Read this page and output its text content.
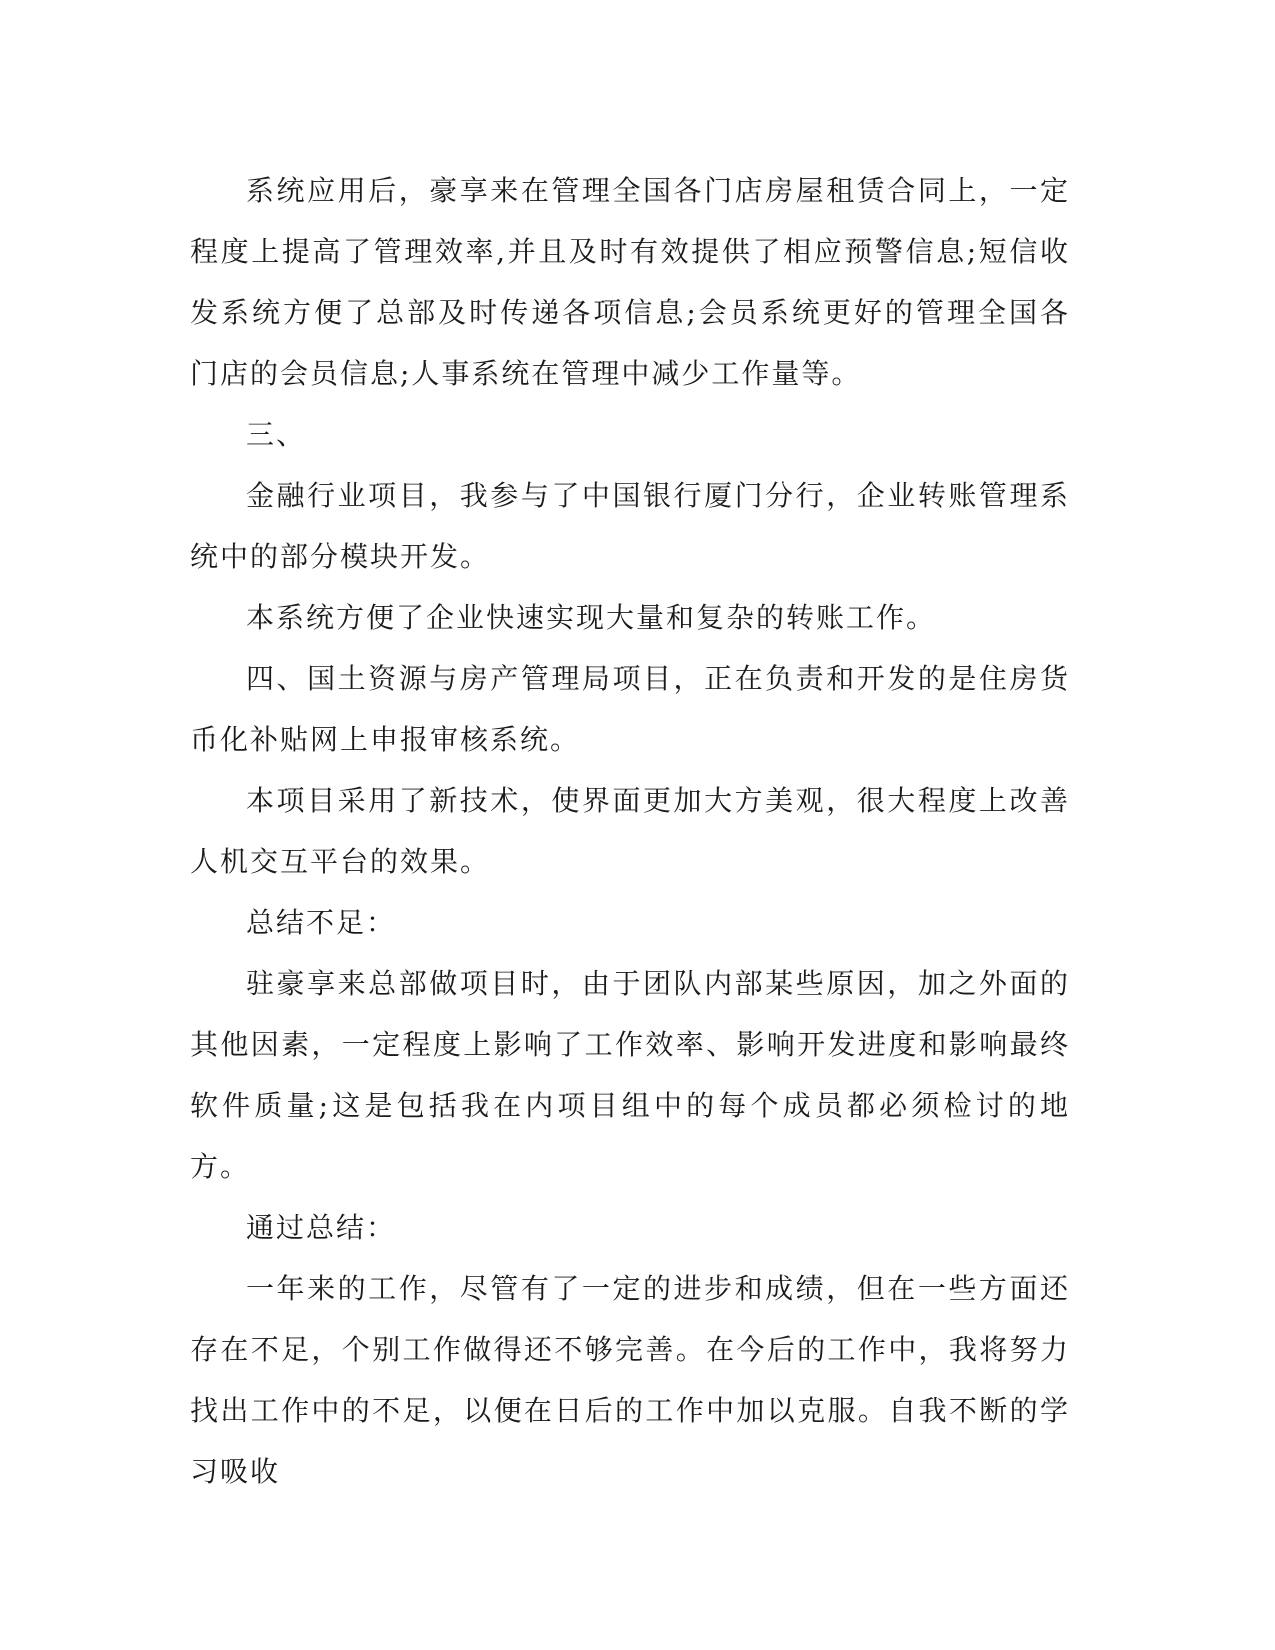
系统应用后，豪享来在管理全国各门店房屋租赁合同上，一定程度上提高了管理效率,并且及时有效提供了相应预警信息;短信收发系统方便了总部及时传递各项信息;会员系统更好的管理全国各门店的会员信息;人事系统在管理中减少工作量等。

三、

金融行业项目，我参与了中国银行厦门分行，企业转账管理系统中的部分模块开发。

本系统方便了企业快速实现大量和复杂的转账工作。

四、国土资源与房产管理局项目，正在负责和开发的是住房货币化补贴网上申报审核系统。

本项目采用了新技术，使界面更加大方美观，很大程度上改善人机交互平台的效果。

总结不足：

驻豪享来总部做项目时，由于团队内部某些原因，加之外面的其他因素，一定程度上影响了工作效率、影响开发进度和影响最终软件质量;这是包括我在内项目组中的每个成员都必须检讨的地方。

通过总结：

一年来的工作，尽管有了一定的进步和成绩，但在一些方面还存在不足，个别工作做得还不够完善。在今后的工作中，我将努力找出工作中的不足，以便在日后的工作中加以克服。自我不断的学习吸收
